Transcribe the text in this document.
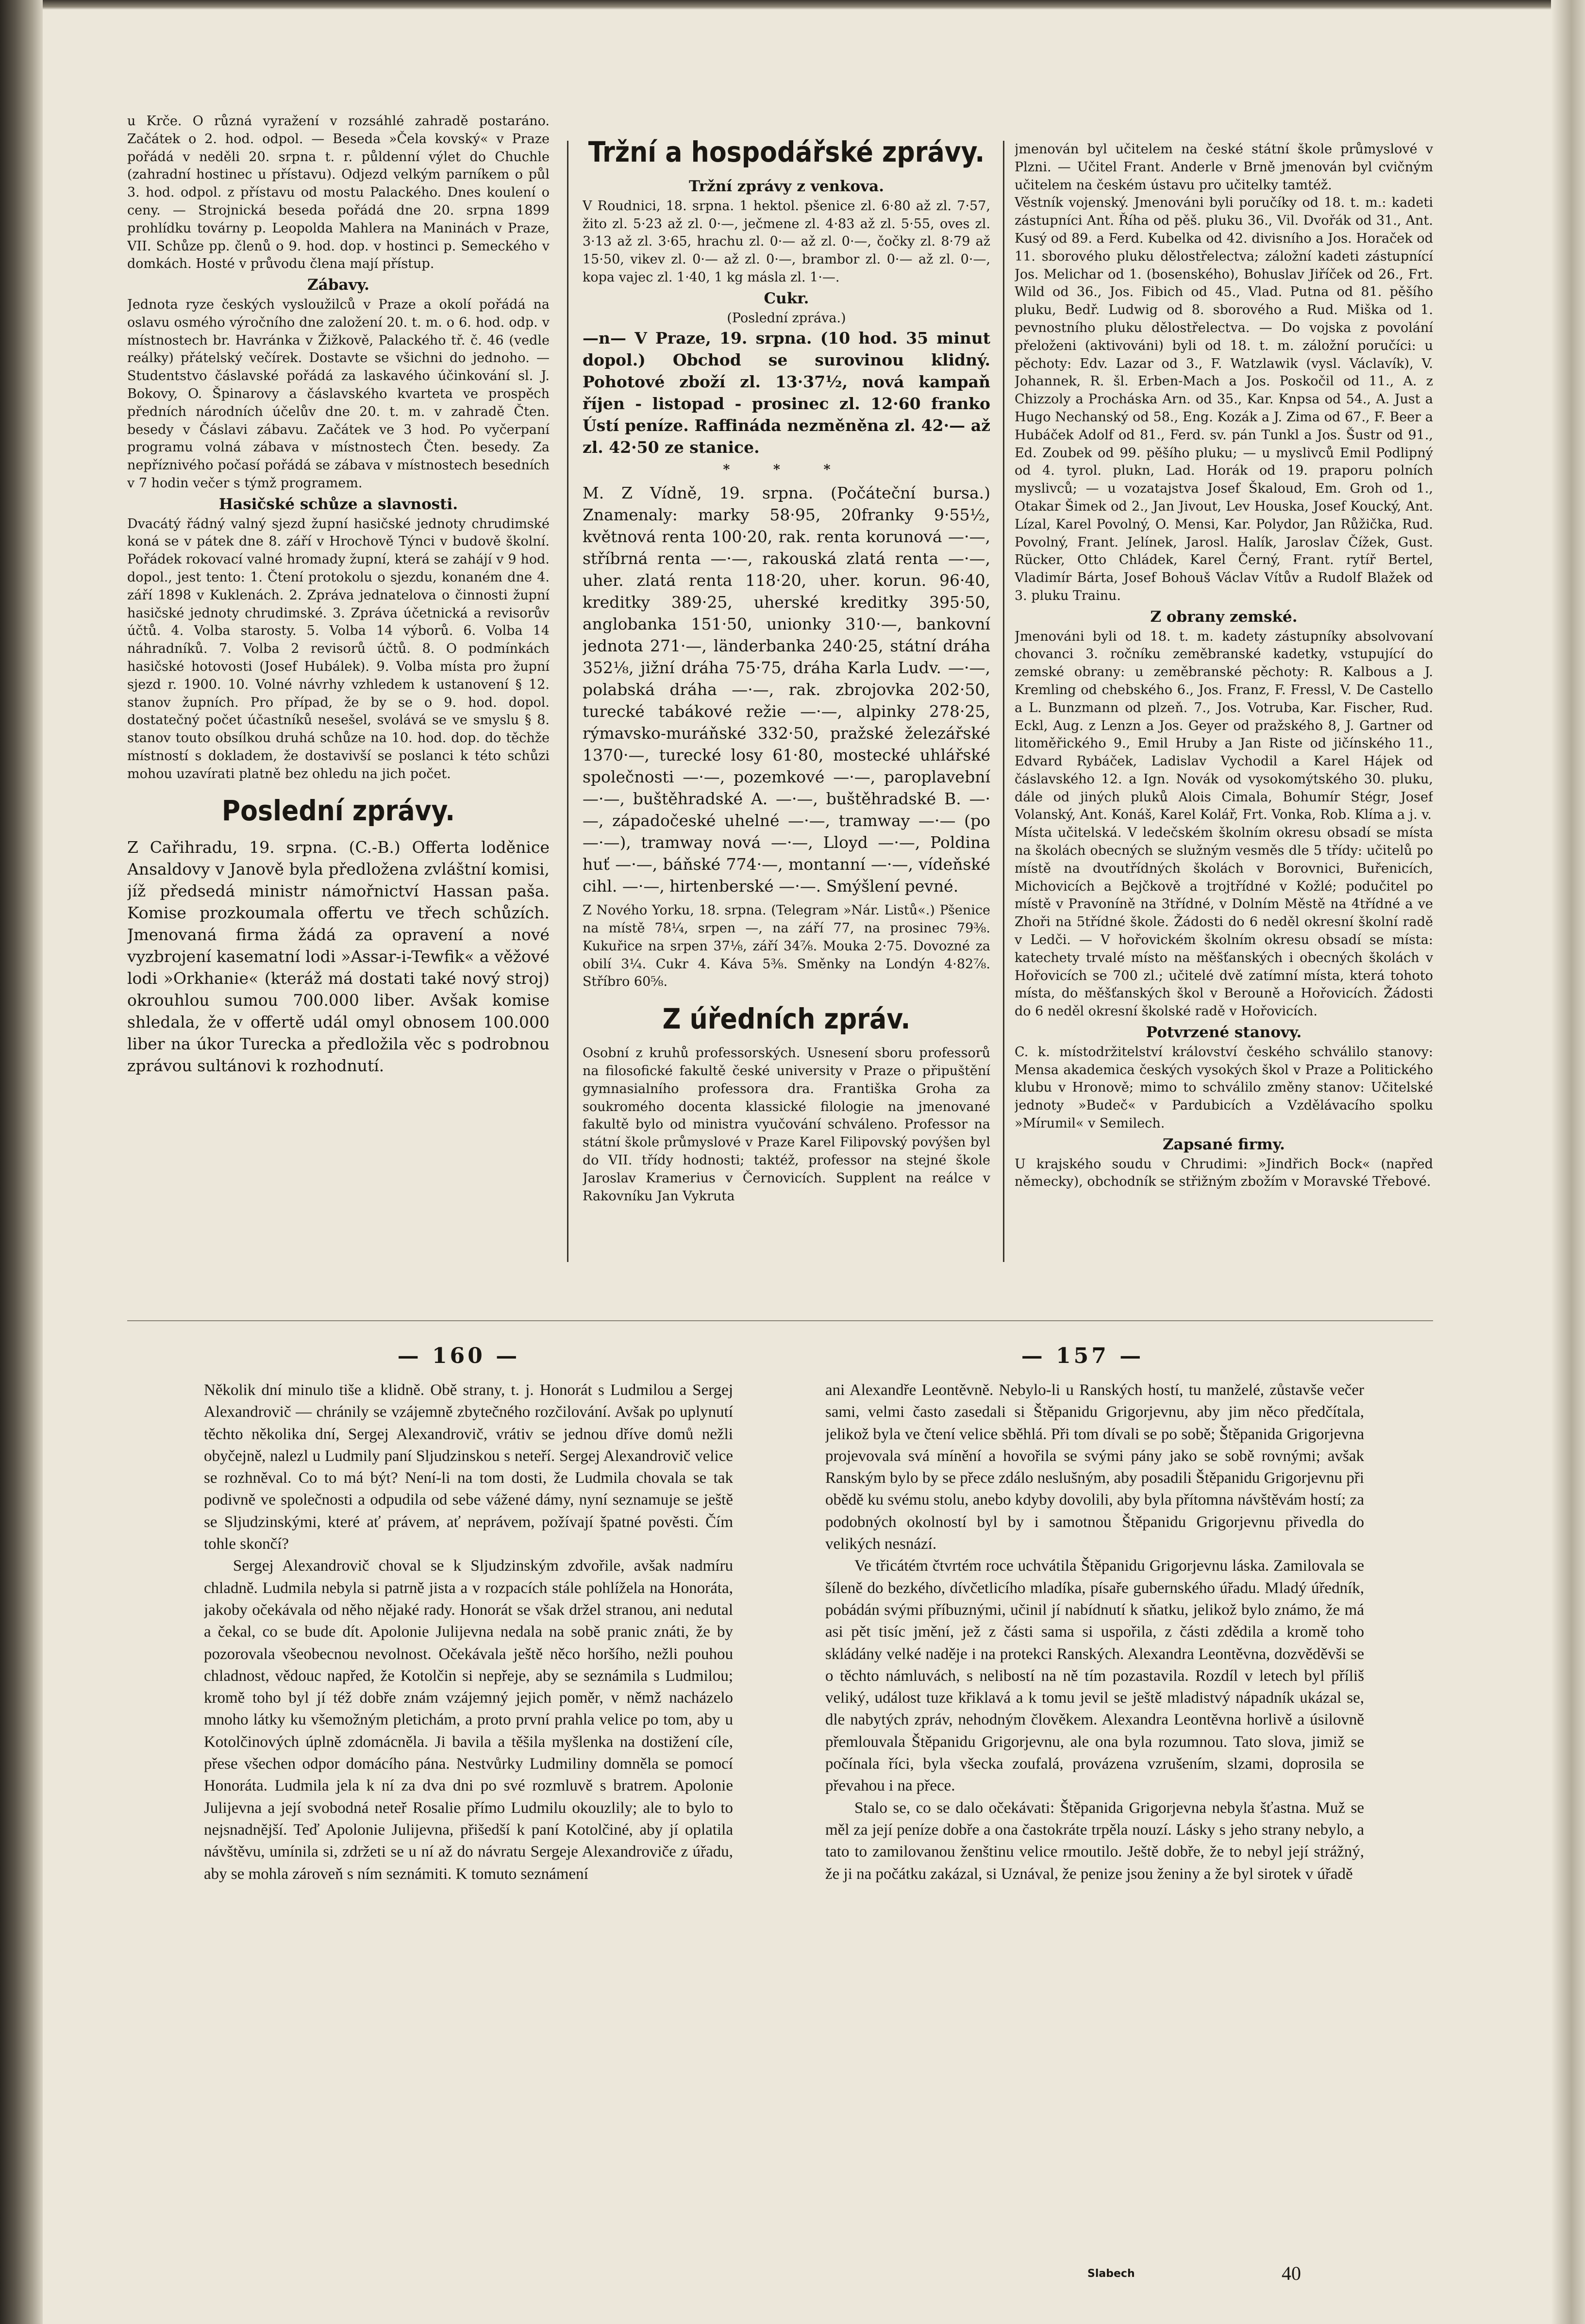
u Krče. O různá vyražení v rozsáhlé zahradě postaráno. Začátek o 2. hod. odpol. — Beseda »Čela kovský« v Praze pořádá v neděli 20. srpna t. r. půldenní výlet do Chuchle (zahradní hostinec u přístavu). Odjezd velkým parníkem o půl 3. hod. odpol. z přístavu od mostu Palackého. Dnes koulení o ceny. — Strojnická beseda pořádá dne 20. srpna 1899 prohlídku továrny p. Leopolda Mahlera na Maninách v Praze, VII. Schůze pp. členů o 9. hod. dop. v hostinci p. Semeckého v domkách. Hosté v průvodu člena mají přístup.

Zábavy.

Jednota ryze českých vysloužilců v Praze a okolí pořádá na oslavu osmého výročního dne založení 20. t. m. o 6. hod. odp. v místnostech br. Havránka v Žižkově, Palackého tř. č. 46 (vedle reálky) přátelský večírek. Dostavte se všichni do jednoho. — Studentstvo čáslavské pořádá za laskavého účinkování sl. J. Bokovy, O. Špinarovy a čáslavského kvarteta ve prospěch předních národních účelův dne 20. t. m. v zahradě Čten. besedy v Čáslavi zábavu. Začátek ve 3 hod. Po vyčerpaní programu volná zábava v místnostech Čten. besedy. Za nepříznivého počasí pořádá se zábava v místnostech besedních v 7 hodin večer s týmž programem.

Hasičské schůze a slavnosti.

Dvacátý řádný valný sjezd župní hasičské jednoty chrudimské koná se v pátek dne 8. září v Hrochově Týnci v budově školní. Pořádek rokovací valné hromady župní, která se zahájí v 9 hod. dopol., jest tento: 1. Čtení protokolu o sjezdu, konaném dne 4. září 1898 v Kuklenách. 2. Zpráva jednatelova o činnosti župní hasičské jednoty chrudimské. 3. Zpráva účetnická a revisorův účtů. 4. Volba starosty. 5. Volba 14 výborů. 6. Volba 14 náhradníků. 7. Volba 2 revisorů účtů. 8. O podmínkách hasičské hotovosti (Josef Hubálek). 9. Volba místa pro župní sjezd r. 1900. 10. Volné návrhy vzhledem k ustanovení § 12. stanov župních. Pro případ, že by se o 9. hod. dopol. dostatečný počet účastníků nesešel, svolává se ve smyslu § 8. stanov touto obsílkou druhá schůze na 10. hod. dop. do těchže místností s dokladem, že dostavivší se poslanci k této schůzi mohou uzavírati platně bez ohledu na jich počet.

Poslední zprávy.

Z Cařihradu, 19. srpna. (C.-B.) Offerta loděnice Ansaldovy v Janově byla předložena zvláštní komisi, jíž předsedá ministr námořnictví Hassan paša. Komise prozkoumala offertu ve třech schůzích. Jmenovaná firma žádá za opravení a nové vyzbrojení kasematní lodi »Assar-i-Tewfik« a věžové lodi »Orkhanie« (kteráž má dostati také nový stroj) okrouhlou sumou 700.000 liber. Avšak komise shledala, že v offertě udál omyl obnosem 100.000 liber na úkor Turecka a předložila věc s podrobnou zprávou sultánovi k rozhodnutí.

Tržní a hospodářské zprávy.

Tržní zprávy z venkova.

V Roudnici, 18. srpna. 1 hektol. pšenice zl. 6·80 až zl. 7·57, žito zl. 5·23 až zl. 0·—, ječmene zl. 4·83 až zl. 5·55, oves zl. 3·13 až zl. 3·65, hrachu zl. 0·— až zl. 0·—, čočky zl. 8·79 až 15·50, vikev zl. 0·— až zl. 0·—, brambor zl. 0·— až zl. 0·—, kopa vajec zl. 1·40, 1 kg másla zl. 1·—.

Cukr.

(Poslední zpráva.)

—n— V Praze, 19. srpna. (10 hod. 35 minut dopol.) Obchod se surovinou klidný. Pohotové zboží zl. 13·37½, nová kampaň říjen - listopad - prosinec zl. 12·60 franko Ústí peníze. Raffináda nezměněna zl. 42·— až zl. 42·50 ze stanice.

* * *

M. Z Vídně, 19. srpna. (Počáteční bursa.) Znamenaly: marky 58·95, 20franky 9·55½, květnová renta 100·20, rak. renta korunová —·—, stříbrná renta —·—, rakouská zlatá renta —·—, uher. zlatá renta 118·20, uher. korun. 96·40, kreditky 389·25, uherské kreditky 395·50, anglobanka 151·50, unionky 310·—, bankovní jednota 271·—, länderbanka 240·25, státní dráha 352⅛, jižní dráha 75·75, dráha Karla Ludv. —·—, polabská dráha —·—, rak. zbrojovka 202·50, turecké tabákové režie —·—, alpinky 278·25, rýmavsko-muráňské 332·50, pražské železářské 1370·—, turecké losy 61·80, mostecké uhlářské společnosti —·—, pozemkové —·—, paroplavební —·—, buštěhradské A. —·—, buštěhradské B. —·—, západočeské uhelné —·—, tramway —·— (po —·—), tramway nová —·—, Lloyd —·—, Poldina huť —·—, báňské 774·—, montanní —·—, vídeňské cihl. —·—, hirtenberské —·—. Smýšlení pevné.

Z Nového Yorku, 18. srpna. (Telegram »Nár. Listů«.) Pšenice na místě 78¼, srpen —, na září 77, na prosinec 79⅜. Kukuřice na srpen 37⅛, září 34⅞. Mouka 2·75. Dovozné za obilí 3¼. Cukr 4. Káva 5⅜. Směnky na Londýn 4·82⅞. Stříbro 60⅝.

Z úředních zpráv.

Osobní z kruhů professorských. Usnesení sboru professorů na filosofické fakultě české university v Praze o připuštění gymnasialního professora dra. Františka Groha za soukromého docenta klassické filologie na jmenované fakultě bylo od ministra vyučování schváleno. Professor na státní škole průmyslové v Praze Karel Filipovský povýšen byl do VII. třídy hodnosti; taktéž, professor na stejné škole Jaroslav Kramerius v Černovicích. Supplent na reálce v Rakovníku Jan Vykruta

jmenován byl učitelem na české státní škole průmyslové v Plzni. — Učitel Frant. Anderle v Brně jmenován byl cvičným učitelem na českém ústavu pro učitelky tamtéž.

Věstník vojenský. Jmenováni byli poručíky od 18. t. m.: kadeti zástupníci Ant. Říha od pěš. pluku 36., Vil. Dvořák od 31., Ant. Kusý od 89. a Ferd. Kubelka od 42. divisního a Jos. Horaček od 11. sborového pluku dělostřelectva; záložní kadeti zástupnící Jos. Melichar od 1. (bosenského), Bohuslav Jiříček od 26., Frt. Wild od 36., Jos. Fibich od 45., Vlad. Putna od 81. pěšího pluku, Bedř. Ludwig od 8. sborového a Rud. Miška od 1. pevnostního pluku dělostřelectva. — Do vojska z povolání přeloženi (aktivováni) byli od 18. t. m. záložní poručíci: u pěchoty: Edv. Lazar od 3., F. Watzlawik (vysl. Václavík), V. Johannek, R. šl. Erben-Mach a Jos. Poskočil od 11., A. z Chizzoly a Procháska Arn. od 35., Kar. Knpsa od 54., A. Just a Hugo Nechanský od 58., Eng. Kozák a J. Zima od 67., F. Beer a Hubáček Adolf od 81., Ferd. sv. pán Tunkl a Jos. Šustr od 91., Ed. Zoubek od 99. pěšího pluku; — u myslivců Emil Podlipný od 4. tyrol. plukn, Lad. Horák od 19. praporu polních myslivců; — u vozatajstva Josef Škaloud, Em. Groh od 1., Otakar Šimek od 2., Jan Jivout, Lev Houska, Josef Koucký, Ant. Lízal, Karel Povolný, O. Mensi, Kar. Polydor, Jan Růžička, Rud. Povolný, Frant. Jelínek, Jarosl. Halík, Jaroslav Čížek, Gust. Rücker, Otto Chládek, Karel Černý, Frant. rytíř Bertel, Vladimír Bárta, Josef Bohouš Václav Vítův a Rudolf Blažek od 3. pluku Trainu.

Z obrany zemské.

Jmenováni byli od 18. t. m. kadety zástupníky absolvovaní chovanci 3. ročníku zeměbranské kadetky, vstupující do zemské obrany: u zeměbranské pěchoty: R. Kalbous a J. Kremling od chebského 6., Jos. Franz, F. Fressl, V. De Castello a L. Bunzmann od plzeň. 7., Jos. Votruba, Kar. Fischer, Rud. Eckl, Aug. z Lenzn a Jos. Geyer od pražského 8, J. Gartner od litoměřického 9., Emil Hruby a Jan Riste od jičínského 11., Edvard Rybáček, Ladislav Vychodil a Karel Hájek od čáslavského 12. a Ign. Novák od vysokomýtského 30. pluku, dále od jiných pluků Alois Cimala, Bohumír Stégr, Josef Volanský, Ant. Konáš, Karel Kolář, Frt. Vonka, Rob. Klíma a j. v.

Místa učitelská. V ledečském školním okresu obsadí se místa na školách obecných se služným vesměs dle 5 třídy: učitelů po místě na dvoutřídných školách v Borovnici, Buřenicích, Michovicích a Bejčkově a trojtřídné v Kožlé; podučitel po místě v Pravoníně na 3třídné, v Dolním Městě na 4třídné a ve Zhoři na 5třídné škole. Žádosti do 6 neděl okresní školní radě v Ledči. — V hořovickém školním okresu obsadí se místa: katechety trvalé místo na měšťanských i obecných školách v Hořovicích se 700 zl.; učitelé dvě zatímní místa, která tohoto místa, do měšťanských škol v Berouně a Hořovicích. Žádosti do 6 neděl okresní školské radě v Hořovicích.

Potvrzené stanovy.

C. k. místodržitelství království českého schválilo stanovy: Mensa akademica českých vysokých škol v Praze a Politického klubu v Hronově; mimo to schválilo změny stanov: Učitelské jednoty »Budeč« v Pardubicích a Vzdělávacího spolku »Mírumil« v Semilech.

Zapsané firmy.

U krajského soudu v Chrudimi: »Jindřich Bock« (napřed německy), obchodník se střižným zbožím v Moravské Třebové.

— 160 —	— 157 —

Několik dní minulo tiše a klidně. Obě strany, t. j. Honorát s Ludmilou a Sergej Alexandrovič — chránily se vzájemně zbytečného rozčilování. Avšak po uplynutí těchto několika dní, Sergej Alexandrovič, vrátiv se jednou dříve domů nežli obyčejně, nalezl u Ludmily paní Sljudzinskou s neteří. Sergej Alexandrovič velice se rozhněval. Co to má být? Není-li na tom dosti, že Ludmila chovala se tak podivně ve společnosti a odpudila od sebe vážené dámy, nyní seznamuje se ještě se Sljudzinskými, které ať právem, ať neprávem, požívají špatné pověsti. Čím tohle skončí?

Sergej Alexandrovič choval se k Sljudzinským zdvořile, avšak nadmíru chladně. Ludmila nebyla si patrně jista a v rozpacích stále pohlížela na Honoráta, jakoby očekávala od něho nějaké rady. Honorát se však držel stranou, ani nedutal a čekal, co se bude dít. Apolonie Julijevna nedala na sobě pranic znáti, že by pozorovala všeobecnou nevolnost. Očekávala ještě něco horšího, nežli pouhou chladnost, vědouc napřed, že Kotolčin si nepřeje, aby se seznámila s Ludmilou; kromě toho byl jí též dobře znám vzájemný jejich poměr, v němž nacházelo mnoho látky ku všemožným pletichám, a proto první prahla velice po tom, aby u Kotolčinových úplně zdomácněla. Ji bavila a těšila myšlenka na dostižení cíle, přese všechen odpor domácího pána. Nestvůrky Ludmiliny domněla se pomocí Honoráta. Ludmila jela k ní za dva dni po své rozmluvě s bratrem. Apolonie Julijevna a její svobodná neteř Rosalie přímo Ludmilu okouzlily; ale to bylo to nejsnadnější. Teď Apolonie Julijevna, přišedší k paní Kotolčiné, aby jí oplatila návštěvu, umínila si, zdržeti se u ní až do návratu Sergeje Alexandroviče z úřadu, aby se mohla zároveň s ním seznámiti. K tomuto seznámení

ani Alexandře Leontěvně. Nebylo-li u Ranských hostí, tu manželé, zůstavše večer sami, velmi často zasedali si Štěpanidu Grigorjevnu, aby jim něco předčítala, jelikož byla ve čtení velice sběhlá. Při tom dívali se po sobě; Štěpanida Grigorjevna projevovala svá mínění a hovořila se svými pány jako se sobě rovnými; avšak Ranským bylo by se přece zdálo neslušným, aby posadili Štěpanidu Grigorjevnu při obědě ku svému stolu, anebo kdyby dovolili, aby byla přítomna návštěvám hostí; za podobných okolností byl by i samotnou Štěpanidu Grigorjevnu přivedla do velikých nesnází.

Ve třicátém čtvrtém roce uchvátila Štěpanidu Grigorjevnu láska. Zamilovala se šíleně do bezkého, dívčetlicího mladíka, písaře gubernského úřadu. Mladý úředník, pobádán svými příbuznými, učinil jí nabídnutí k sňatku, jelikož bylo známo, že má asi pět tisíc jmění, jež z části sama si uspořila, z části zdědila a kromě toho skládány velké naděje i na protekci Ranských. Alexandra Leontěvna, dozvěděvši se o těchto námluvách, s nelibostí na ně tím pozastavila. Rozdíl v letech byl příliš veliký, událost tuze křiklavá a k tomu jevil se ještě mladistvý nápadník ukázal se, dle nabytých zpráv, nehodným člověkem. Alexandra Leontěvna horlivě a úsilovně přemlouvala Štěpanidu Grigorjevnu, ale ona byla rozumnou. Tato slova, jimiž se počínala říci, byla všecka zoufalá, provázena vzrušením, slzami, doprosila se převahou i na přece.

Stalo se, co se dalo očekávati: Štěpanida Grigorjevna nebyla šťastna. Muž se měl za její peníze dobře a ona častokráte trpěla nouzí. Lásky s jeho strany nebylo, a tato to zamilovanou ženštinu velice rmoutilo. Ještě dobře, že to nebyl její strážný, že ji na počátku zakázal, si Uznával, že penize jsou ženiny a že byl sirotek v úřadě

Slabech	40
